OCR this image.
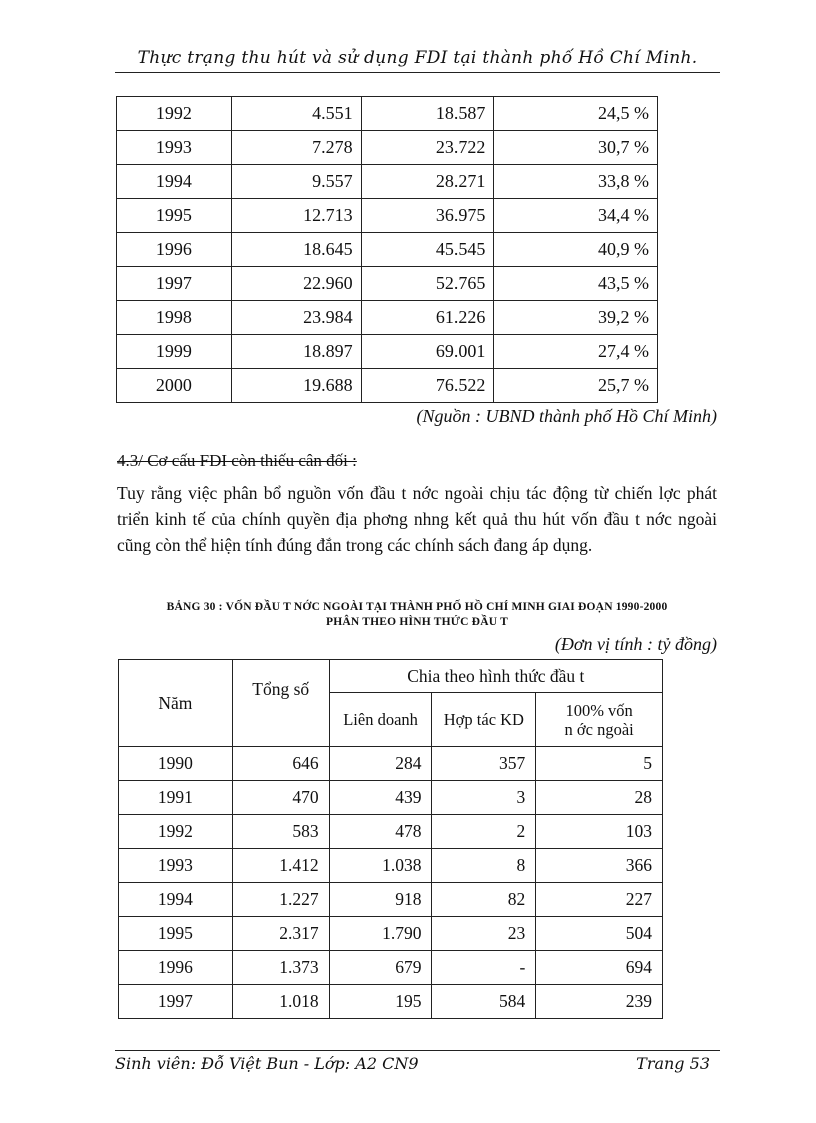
Thực trạng thu hút và sử dụng FDI tại thành phố Hồ Chí Minh.
1992	4.551	18.587	24,5 %
1993	7.278	23.722	30,7 %
1994	9.557	28.271	33,8 %
1995	12.713	36.975	34,4 %
1996	18.645	45.545	40,9 %
1997	22.960	52.765	43,5 %
1998	23.984	61.226	39,2 %
1999	18.897	69.001	27,4 %
2000	19.688	76.522	25,7 %
(Nguồn : UBND thành phố Hồ Chí Minh)
4.3/ Cơ cấu FDI còn thiếu cân đối :
Tuy rằng việc phân bổ nguồn vốn đầu t nớc ngoài chịu tác động từ chiến lợc phát triển kinh tế của chính quyền địa phơng nhng kết quả thu hút vốn đầu t nớc ngoài cũng còn thể hiện tính đúng đắn trong các chính sách đang áp dụng.
BẢNG 30 : VỐN ĐẦU T NỚC NGOÀI TẠI THÀNH PHỐ HỒ CHÍ MINH GIAI ĐOẠN 1990-2000
PHÂN THEO HÌNH THỨC ĐẦU T
(Đơn vị tính : tỷ đồng)
Năm	Tổng số	Chia theo hình thức đầu t		
		Liên doanh	Hợp tác KD	100% vốn
n ớc ngoài

1990	646	284	357	5
1991	470	439	3	28
1992	583	478	2	103
1993	1.412	1.038	8	366
1994	1.227	918	82	227
1995	2.317	1.790	23	504
1996	1.373	679	-	694
1997	1.018	195	584	239
Sinh viên: Đỗ Việt Bun - Lớp: A2 CN9	Trang 53
